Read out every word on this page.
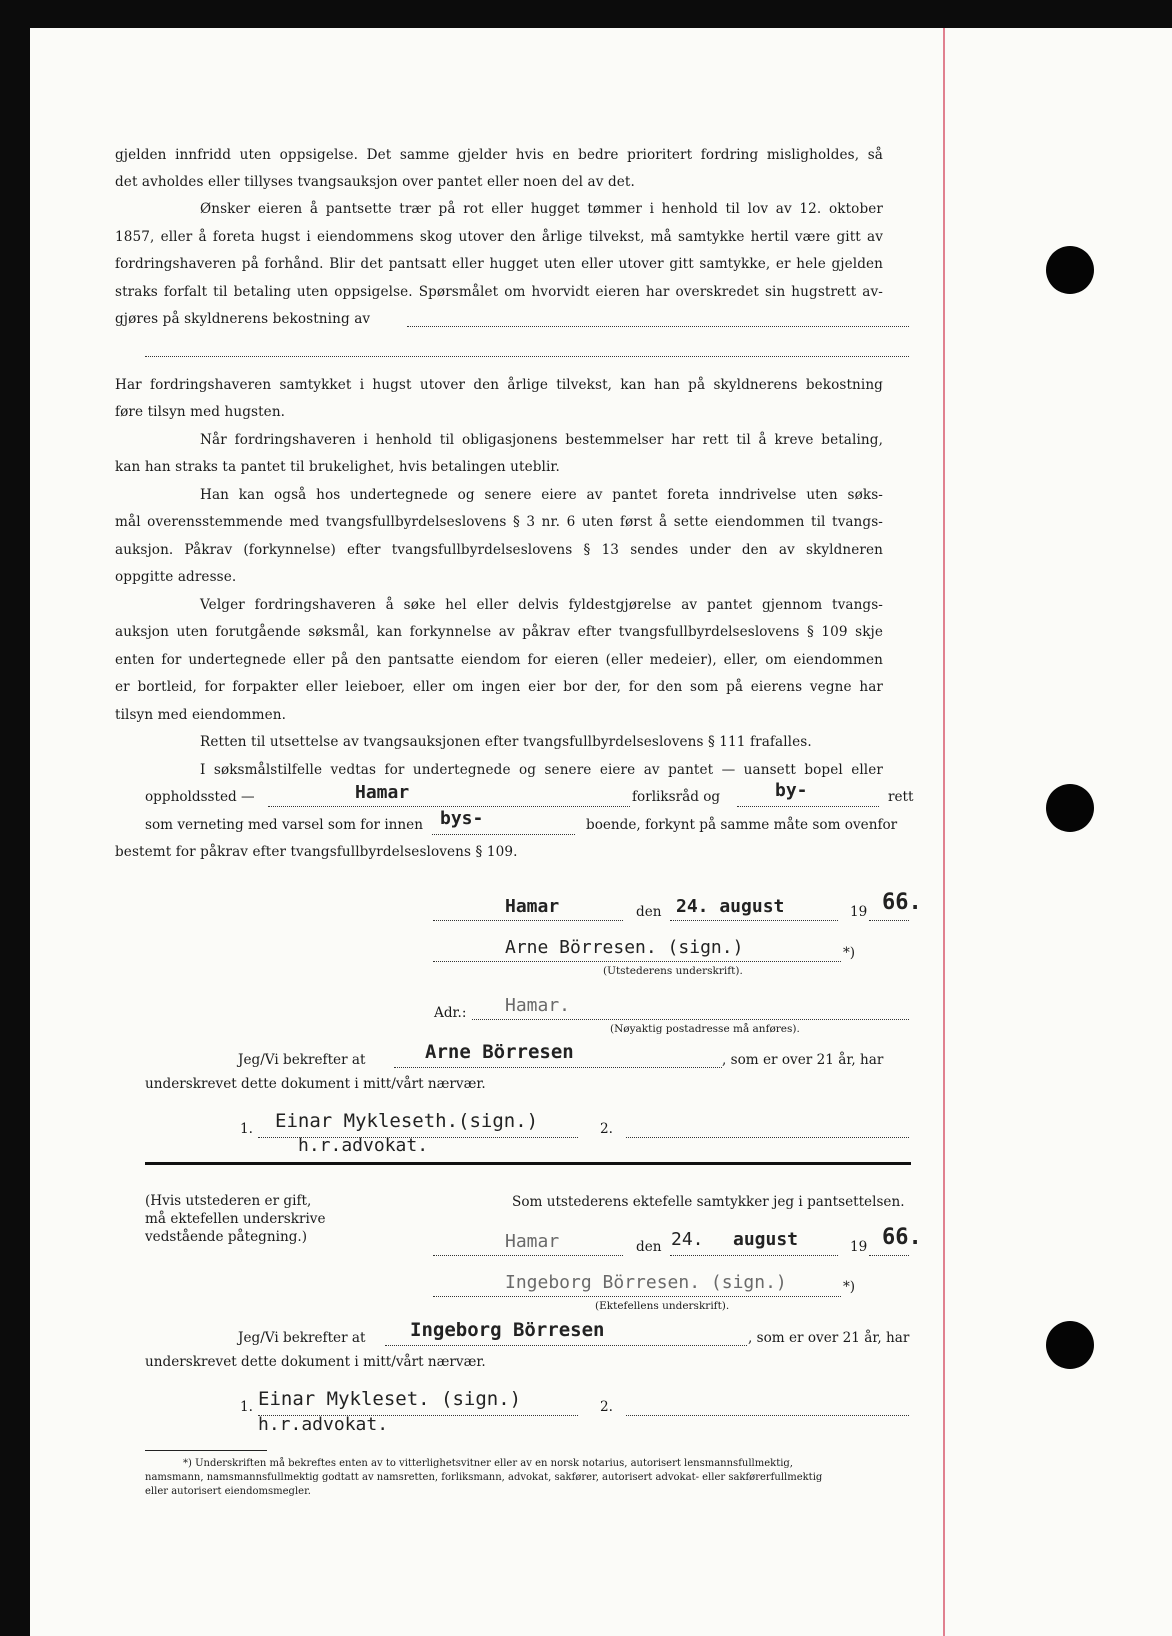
gjelden innfridd uten oppsigelse. Det samme gjelder hvis en bedre prioritert fordring misligholdes, så
det avholdes eller tillyses tvangsauksjon over pantet eller noen del av det.
Ønsker eieren å pantsette trær på rot eller hugget tømmer i henhold til lov av 12. oktober
1857, eller å foreta hugst i eiendommens skog utover den årlige tilvekst, må samtykke hertil være gitt av
fordringshaveren på forhånd. Blir det pantsatt eller hugget uten eller utover gitt samtykke, er hele gjelden
straks forfalt til betaling uten oppsigelse. Spørsmålet om hvorvidt eieren har overskredet sin hugstrett av-
gjøres på skyldnerens bekostning av
Har fordringshaveren samtykket i hugst utover den årlige tilvekst, kan han på skyldnerens bekostning
føre tilsyn med hugsten.
Når fordringshaveren i henhold til obligasjonens bestemmelser har rett til å kreve betaling,
kan han straks ta pantet til brukelighet, hvis betalingen uteblir.
Han kan også hos undertegnede og senere eiere av pantet foreta inndrivelse uten søks-
mål overensstemmende med tvangsfullbyrdelseslovens § 3 nr. 6 uten først å sette eiendommen til tvangs-
auksjon. Påkrav (forkynnelse) efter tvangsfullbyrdelseslovens § 13 sendes under den av skyldneren
oppgitte adresse.
Velger fordringshaveren å søke hel eller delvis fyldestgjørelse av pantet gjennom tvangs-
auksjon uten forutgående søksmål, kan forkynnelse av påkrav efter tvangsfullbyrdelseslovens § 109 skje
enten for undertegnede eller på den pantsatte eiendom for eieren (eller medeier), eller, om eiendommen
er bortleid, for forpakter eller leieboer, eller om ingen eier bor der, for den som på eierens vegne har
tilsyn med eiendommen.
Retten til utsettelse av tvangsauksjonen efter tvangsfullbyrdelseslovens § 111 frafalles.
I søksmålstilfelle vedtas for undertegnede og senere eiere av pantet — uansett bopel eller
oppholdssted —	Hamar	forliksråd og	by-	rett
som verneting med varsel som for innen bys-	boende, forkynt på samme måte som ovenfor
bestemt for påkrav efter tvangsfullbyrdelseslovens § 109.
Hamar	den 24. august	19 66.
Arne Börresen. (sign.)	*)
(Utstederens underskrift).
Adr.: Hamar.
(Nøyaktig postadresse må anføres).
Jeg/Vi bekrefter at	Arne Börresen	, som er over 21 år, har
underskrevet dette dokument i mitt/vårt nærvær.
1. Einar Mykleseth.(sign.)
h.r.advokat.
2.
(Hvis utstederen er gift,
må ektefellen underskrive
vedstående påtegning.)
Som utstederens ektefelle samtykker jeg i pantsettelsen.
Hamar	den 24. august	19 66.
Ingeborg Börresen. (sign.)	*)
(Ektefellens underskrift).
Jeg/Vi bekrefter at Ingeborg Börresen	, som er over 21 år, har
underskrevet dette dokument i mitt/vårt nærvær.
1. Einar Mykleset. (sign.)
h.r.advokat.
2.
*) Underskriften må bekreftes enten av to vitterlighetsvitner eller av en norsk notarius, autorisert lensmannsfullmektig,
namsmann, namsmannsfullmektig godtatt av namsretten, forliksmann, advokat, sakfører, autorisert advokat- eller sakførerfullmektig
eller autorisert eiendomsmegler.
